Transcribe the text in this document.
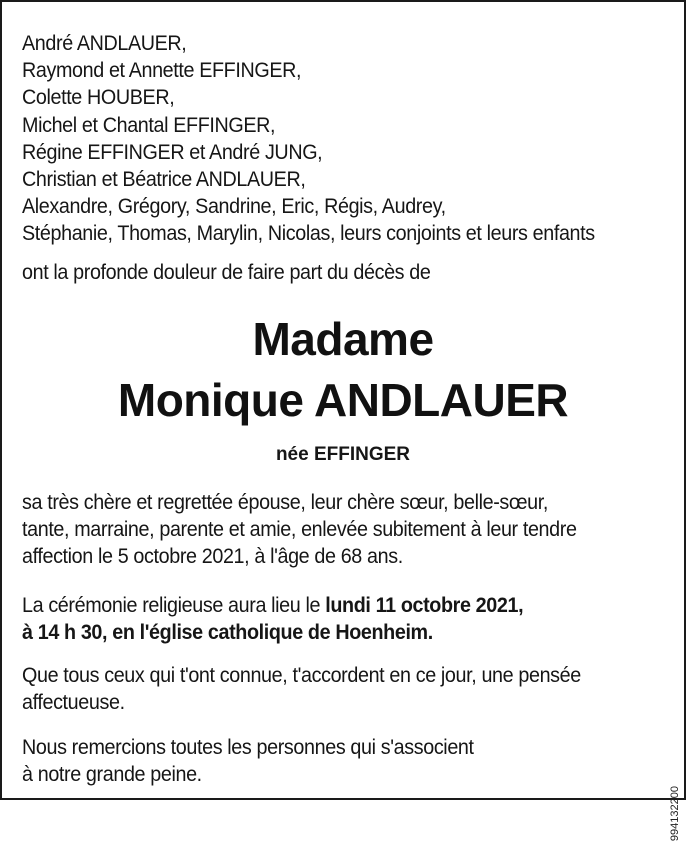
André ANDLAUER,
Raymond et Annette EFFINGER,
Colette HOUBER,
Michel et Chantal EFFINGER,
Régine EFFINGER et André JUNG,
Christian et Béatrice ANDLAUER,
Alexandre, Grégory, Sandrine, Eric, Régis, Audrey,
Stéphanie, Thomas, Marylin, Nicolas, leurs conjoints et leurs enfants
ont la profonde douleur de faire part du décès de
Madame
Monique ANDLAUER
née EFFINGER
sa très chère et regrettée épouse, leur chère sœur, belle-sœur,
tante, marraine, parente et amie, enlevée subitement à leur tendre
affection le 5 octobre 2021, à l'âge de 68 ans.
La cérémonie religieuse aura lieu le lundi 11 octobre 2021,
à 14 h 30, en l'église catholique de Hoenheim.
Que tous ceux qui t'ont connue, t'accordent en ce jour, une pensée
affectueuse.
Nous remercions toutes les personnes qui s'associent
à notre grande peine.
994132200
